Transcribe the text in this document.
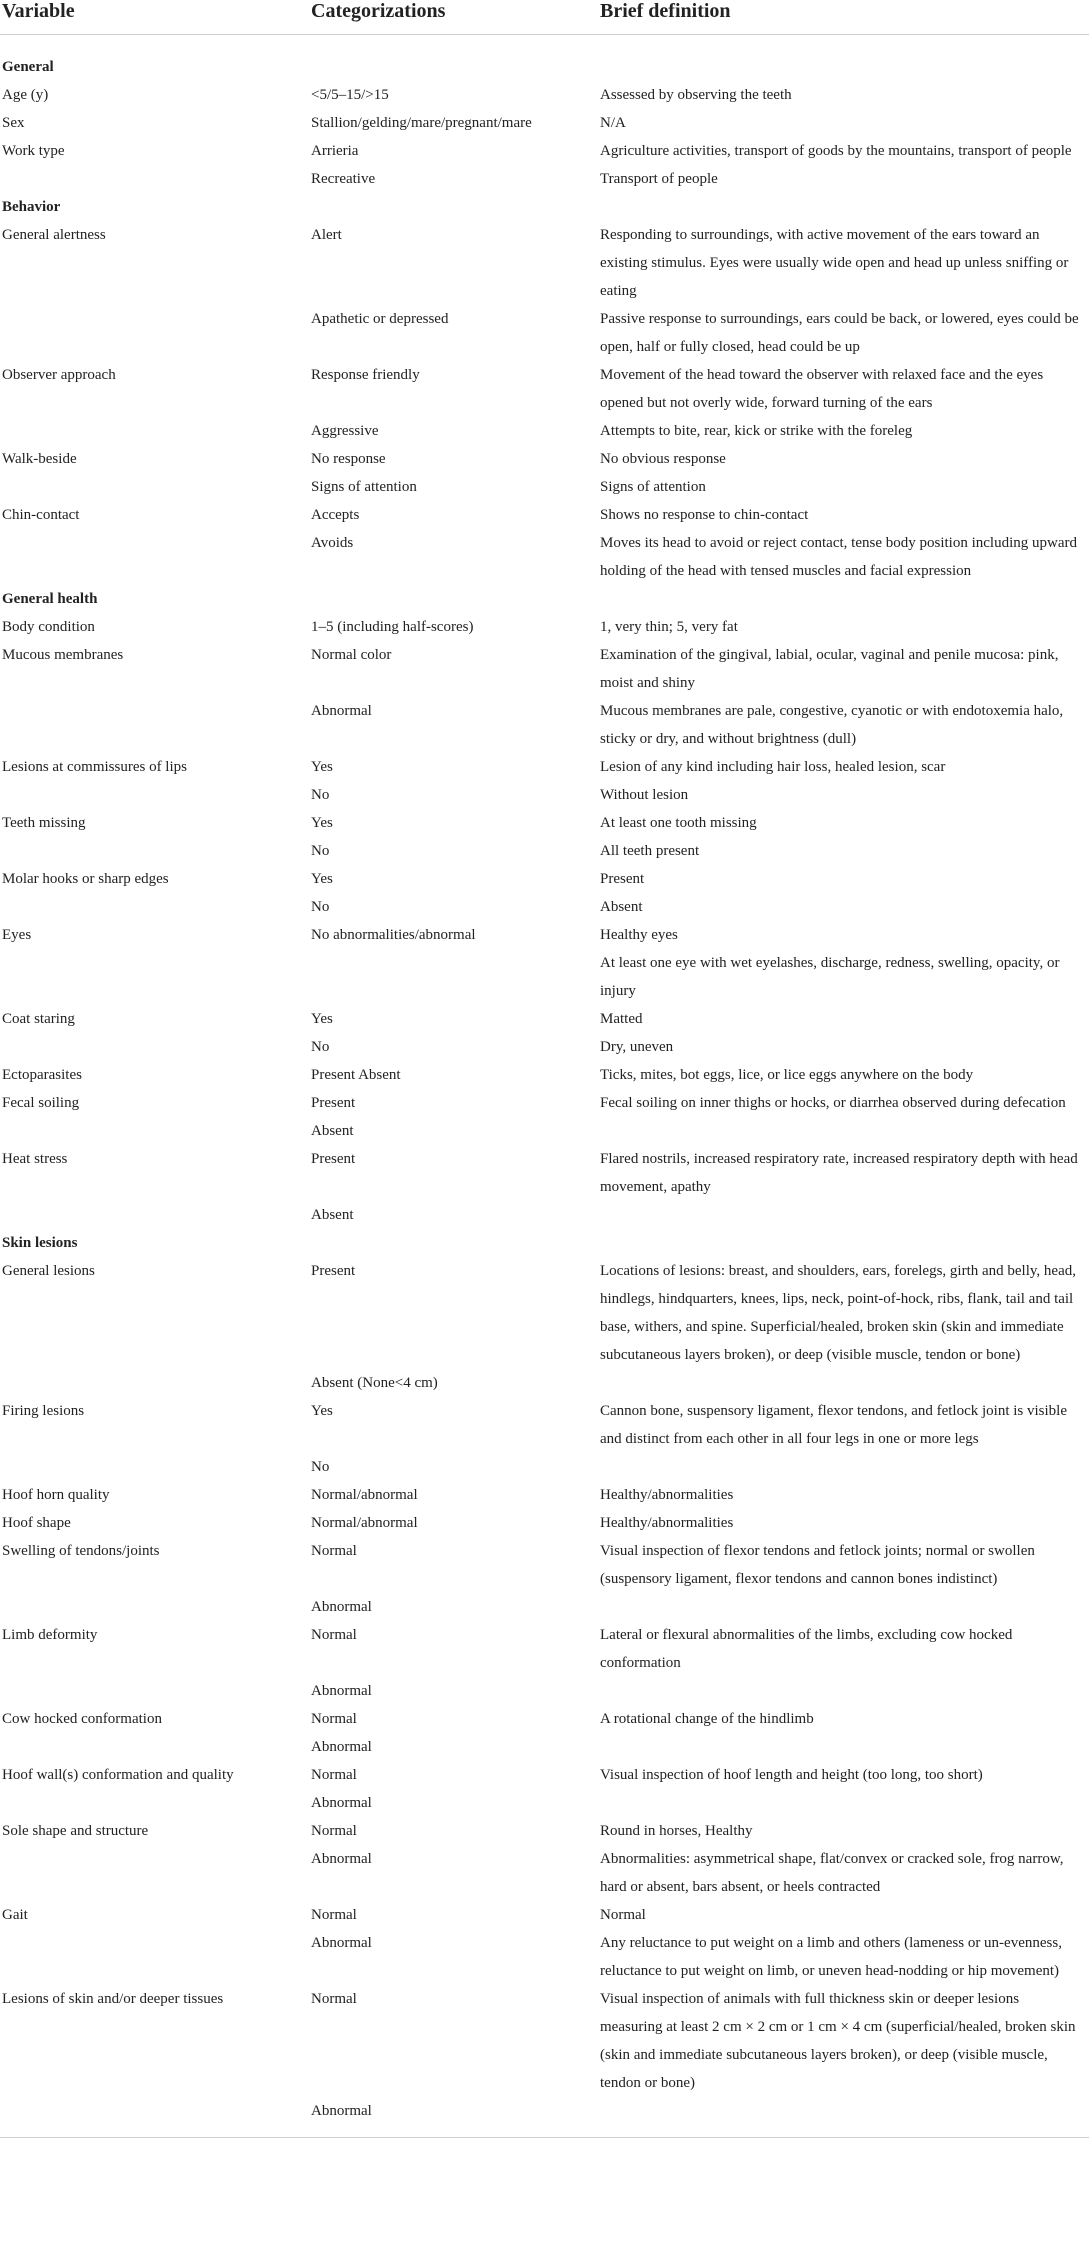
Variable	Categorizations	Brief definition
General		
Age (y)	<5/5–15/>15	Assessed by observing the teeth
Sex	Stallion/gelding/mare/pregnant/mare	N/A
Work type	Arrieria	Agriculture activities, transport of goods by the mountains, transport of people
	Recreative	Transport of people
Behavior		
General alertness	Alert	Responding to surroundings, with active movement of the ears toward an existing stimulus. Eyes were usually wide open and head up unless sniffing or eating
	Apathetic or depressed	Passive response to surroundings, ears could be back, or lowered, eyes could be open, half or fully closed, head could be up
Observer approach	Response friendly	Movement of the head toward the observer with relaxed face and the eyes opened but not overly wide, forward turning of the ears
	Aggressive	Attempts to bite, rear, kick or strike with the foreleg
Walk-beside	No response	No obvious response
	Signs of attention	Signs of attention
Chin-contact	Accepts	Shows no response to chin-contact
	Avoids	Moves its head to avoid or reject contact, tense body position including upward holding of the head with tensed muscles and facial expression
General health		
Body condition	1–5 (including half-scores)	1, very thin; 5, very fat
Mucous membranes	Normal color	Examination of the gingival, labial, ocular, vaginal and penile mucosa: pink, moist and shiny
	Abnormal	Mucous membranes are pale, congestive, cyanotic or with endotoxemia halo, sticky or dry, and without brightness (dull)
Lesions at commissures of lips	Yes	Lesion of any kind including hair loss, healed lesion, scar
	No	Without lesion
Teeth missing	Yes	At least one tooth missing
	No	All teeth present
Molar hooks or sharp edges	Yes	Present
	No	Absent
Eyes	No abnormalities/abnormal	Healthy eyes
		At least one eye with wet eyelashes, discharge, redness, swelling, opacity, or injury
Coat staring	Yes	Matted
	No	Dry, uneven
Ectoparasites	Present Absent	Ticks, mites, bot eggs, lice, or lice eggs anywhere on the body
Fecal soiling	Present	Fecal soiling on inner thighs or hocks, or diarrhea observed during defecation
	Absent	
Heat stress	Present	Flared nostrils, increased respiratory rate, increased respiratory depth with head movement, apathy
	Absent	
Skin lesions		
General lesions	Present	Locations of lesions: breast, and shoulders, ears, forelegs, girth and belly, head, hindlegs, hindquarters, knees, lips, neck, point-of-hock, ribs, flank, tail and tail base, withers, and spine. Superficial/healed, broken skin (skin and immediate subcutaneous layers broken), or deep (visible muscle, tendon or bone)
	Absent (None<4 cm)	
Firing lesions	Yes	Cannon bone, suspensory ligament, flexor tendons, and fetlock joint is visible and distinct from each other in all four legs in one or more legs
	No	
Hoof horn quality	Normal/abnormal	Healthy/abnormalities
Hoof shape	Normal/abnormal	Healthy/abnormalities
Swelling of tendons/joints	Normal	Visual inspection of flexor tendons and fetlock joints; normal or swollen (suspensory ligament, flexor tendons and cannon bones indistinct)
	Abnormal	
Limb deformity	Normal	Lateral or flexural abnormalities of the limbs, excluding cow hocked conformation
	Abnormal	
Cow hocked conformation	Normal	A rotational change of the hindlimb
	Abnormal	
Hoof wall(s) conformation and quality	Normal	Visual inspection of hoof length and height (too long, too short)
	Abnormal	
Sole shape and structure	Normal	Round in horses, Healthy
	Abnormal	Abnormalities: asymmetrical shape, flat/convex or cracked sole, frog narrow, hard or absent, bars absent, or heels contracted
Gait	Normal	Normal
	Abnormal	Any reluctance to put weight on a limb and others (lameness or un-evenness, reluctance to put weight on limb, or uneven head-nodding or hip movement)
Lesions of skin and/or deeper tissues	Normal	Visual inspection of animals with full thickness skin or deeper lesions measuring at least 2 cm × 2 cm or 1 cm × 4 cm (superficial/healed, broken skin (skin and immediate subcutaneous layers broken), or deep (visible muscle, tendon or bone)
	Abnormal	
